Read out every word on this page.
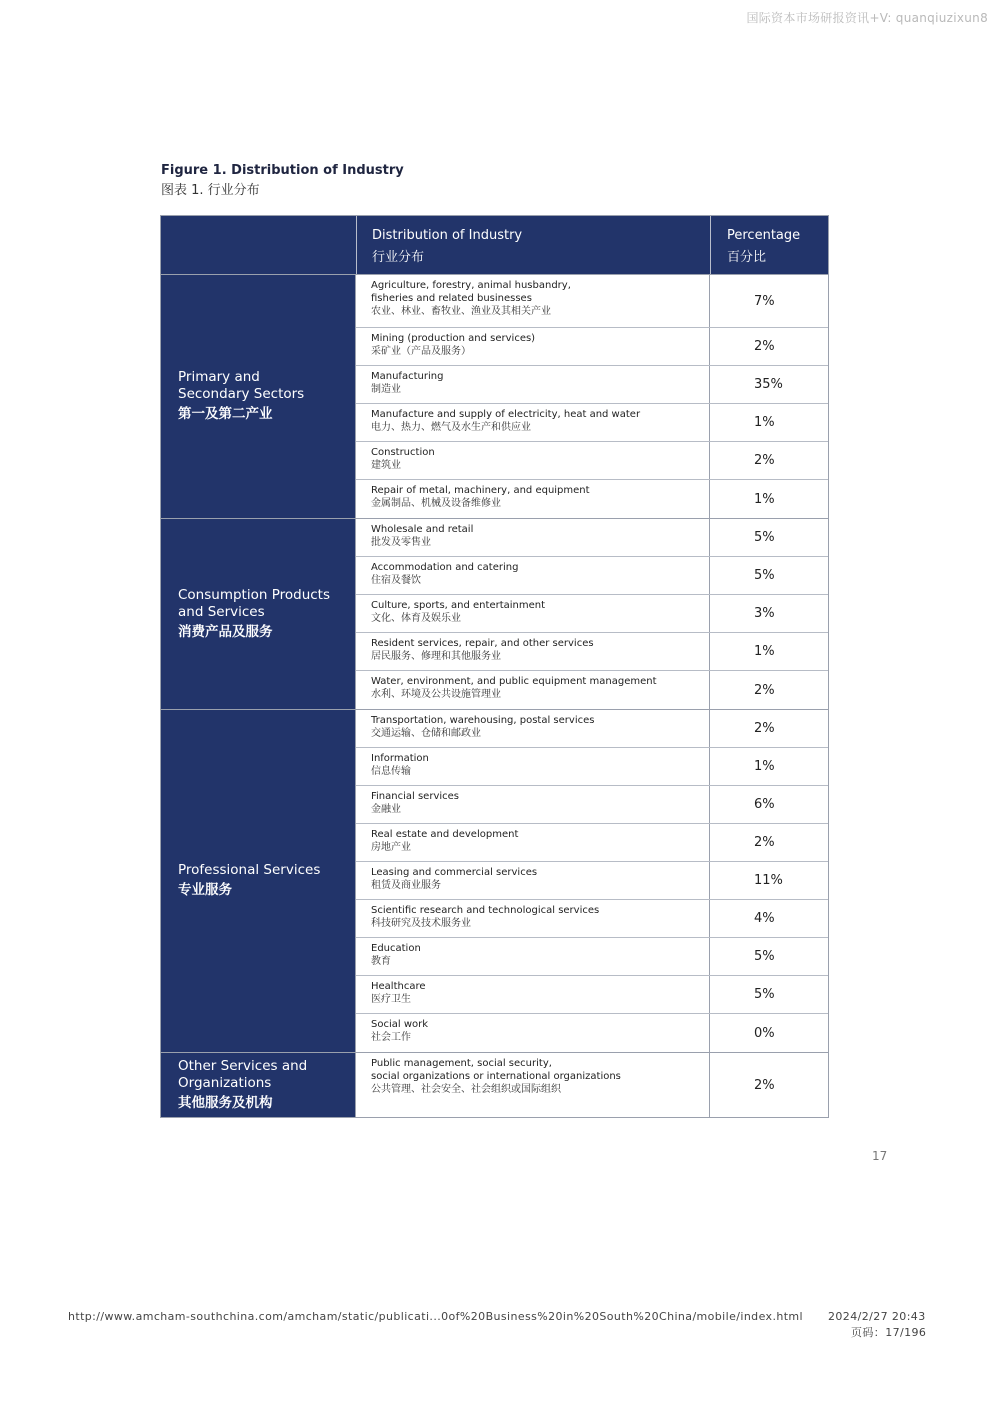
国际资本市场研报资讯+V: quanqiuzixun8
Figure 1. Distribution of Industry
图表 1. 行业分布
Distribution of Industry
行业分布
Percentage
百分比
Primary and
Secondary Sectors
第一及第二产业
Agriculture, forestry, animal husbandry,
fisheries and related businesses
农业、林业、畜牧业、渔业及其相关产业
7%
Mining (production and services)
采矿业（产品及服务）	2%
Manufacturing
制造业	35%
Manufacture and supply of electricity, heat and water
电力、热力、燃气及水生产和供应业	1%
Construction
建筑业	2%
Repair of metal, machinery, and equipment
金属制品、机械及设备维修业	1%
Consumption Products
and Services
消费产品及服务
Wholesale and retail
批发及零售业	5%
Accommodation and catering
住宿及餐饮	5%
Culture, sports, and entertainment
文化、体育及娱乐业	3%
Resident services, repair, and other services
居民服务、修理和其他服务业	1%
Water, environment, and public equipment management
水利、环境及公共设施管理业	2%
Professional Services
专业服务
Transportation, warehousing, postal services
交通运输、仓储和邮政业	2%
Information
信息传输	1%
Financial services
金融业	6%
Real estate and development
房地产业	2%
Leasing and commercial services
租赁及商业服务	11%
Scientific research and technological services
科技研究及技术服务业	4%
Education
教育	5%
Healthcare
医疗卫生	5%
Social work
社会工作	0%
Other Services and
Organizations
其他服务及机构
Public management, social security,
social organizations or international organizations
公共管理、社会安全、社会组织或国际组织	2%
17
http://www.amcham-southchina.com/amcham/static/publicati...0of%20Business%20in%20South%20China/mobile/index.html 2024/2/27 20:43
页码：17/196
